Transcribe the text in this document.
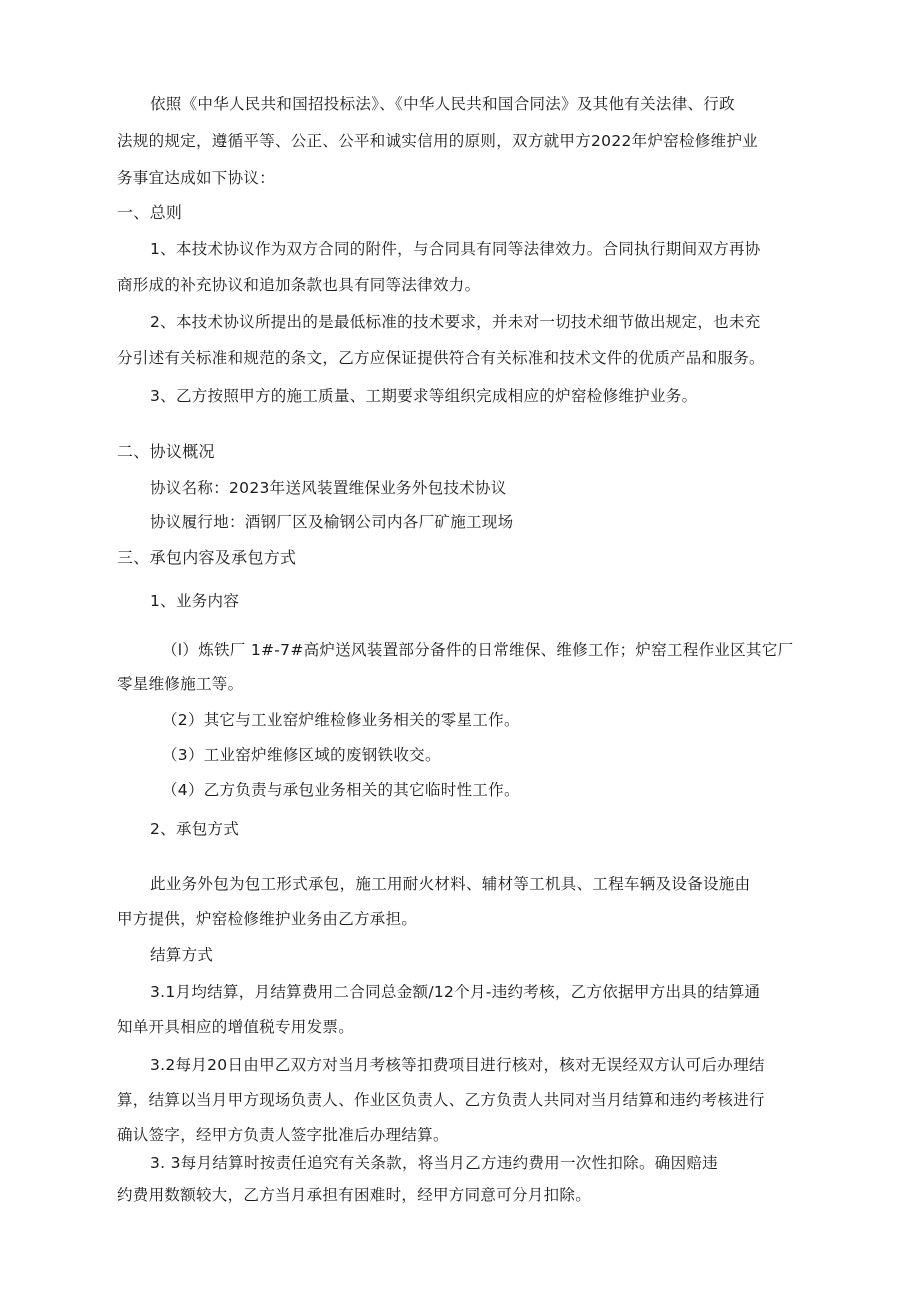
依照《中华人民共和国招投标法》、《中华人民共和国合同法》及其他有关法律、行政
法规的规定，遵循平等、公正、公平和诚实信用的原则，双方就甲方2022年炉窑检修维护业
务事宜达成如下协议：
一、总则
1、本技术协议作为双方合同的附件，与合同具有同等法律效力。合同执行期间双方再协
商形成的补充协议和追加条款也具有同等法律效力。
2、本技术协议所提出的是最低标准的技术要求，并未对一切技术细节做出规定，也未充
分引述有关标准和规范的条文，乙方应保证提供符合有关标准和技术文件的优质产品和服务。
3、乙方按照甲方的施工质量、工期要求等组织完成相应的炉窑检修维护业务。
二、协议概况
协议名称：2023年送风装置维保业务外包技术协议
协议履行地：酒钢厂区及榆钢公司内各厂矿施工现场
三、承包内容及承包方式
1、业务内容
（l）炼铁厂 1#-7#高炉送风装置部分备件的日常维保、维修工作；炉窑工程作业区其它厂
零星维修施工等。
（2）其它与工业窑炉维检修业务相关的零星工作。
（3）工业窑炉维修区域的废钢铁收交。
（4）乙方负责与承包业务相关的其它临时性工作。
2、承包方式
此业务外包为包工形式承包，施工用耐火材料、辅材等工机具、工程车辆及设备设施由
甲方提供，炉窑检修维护业务由乙方承担。
结算方式
3.1月均结算，月结算费用二合同总金额/12个月-违约考核，乙方依据甲方出具的结算通
知单开具相应的增值税专用发票。
3.2每月20日由甲乙双方对当月考核等扣费项目进行核对，核对无误经双方认可后办理结
算，结算以当月甲方现场负责人、作业区负责人、乙方负责人共同对当月结算和违约考核进行
确认签字，经甲方负责人签字批准后办理结算。
3. 3每月结算时按责任追究有关条款，将当月乙方违约费用一次性扣除。确因赔违
约费用数额较大，乙方当月承担有困难时，经甲方同意可分月扣除。
